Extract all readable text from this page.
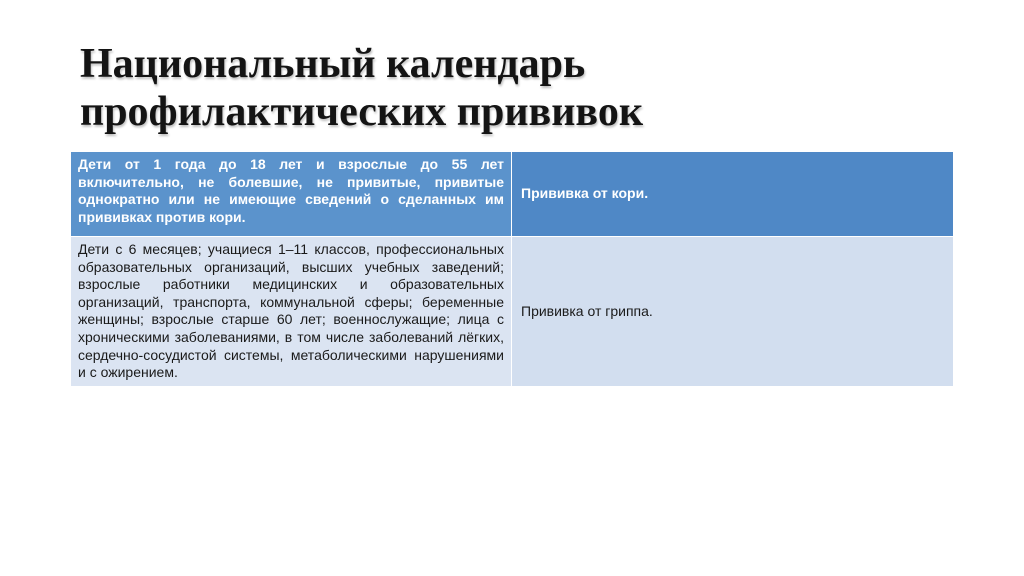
Национальный календарь
профилактических прививок
Дети от 1 года до 18 лет и взрослые до 55 лет включительно, не болевшие, не привитые, привитые однократно или не имеющие сведений о сделанных им прививках против кори.	Прививка от кори.
Дети с 6 месяцев; учащиеся 1–11 классов, профессиональных образовательных организаций, высших учебных заведений; взрослые работники медицинских и образовательных организаций, транспорта, коммунальной сферы; беременные женщины; взрослые старше 60 лет; военнослужащие; лица с хроническими заболеваниями, в том числе заболеваний лёгких, сердечно-сосудистой системы, метаболическими нарушениями и с ожирением.	Прививка от гриппа.
